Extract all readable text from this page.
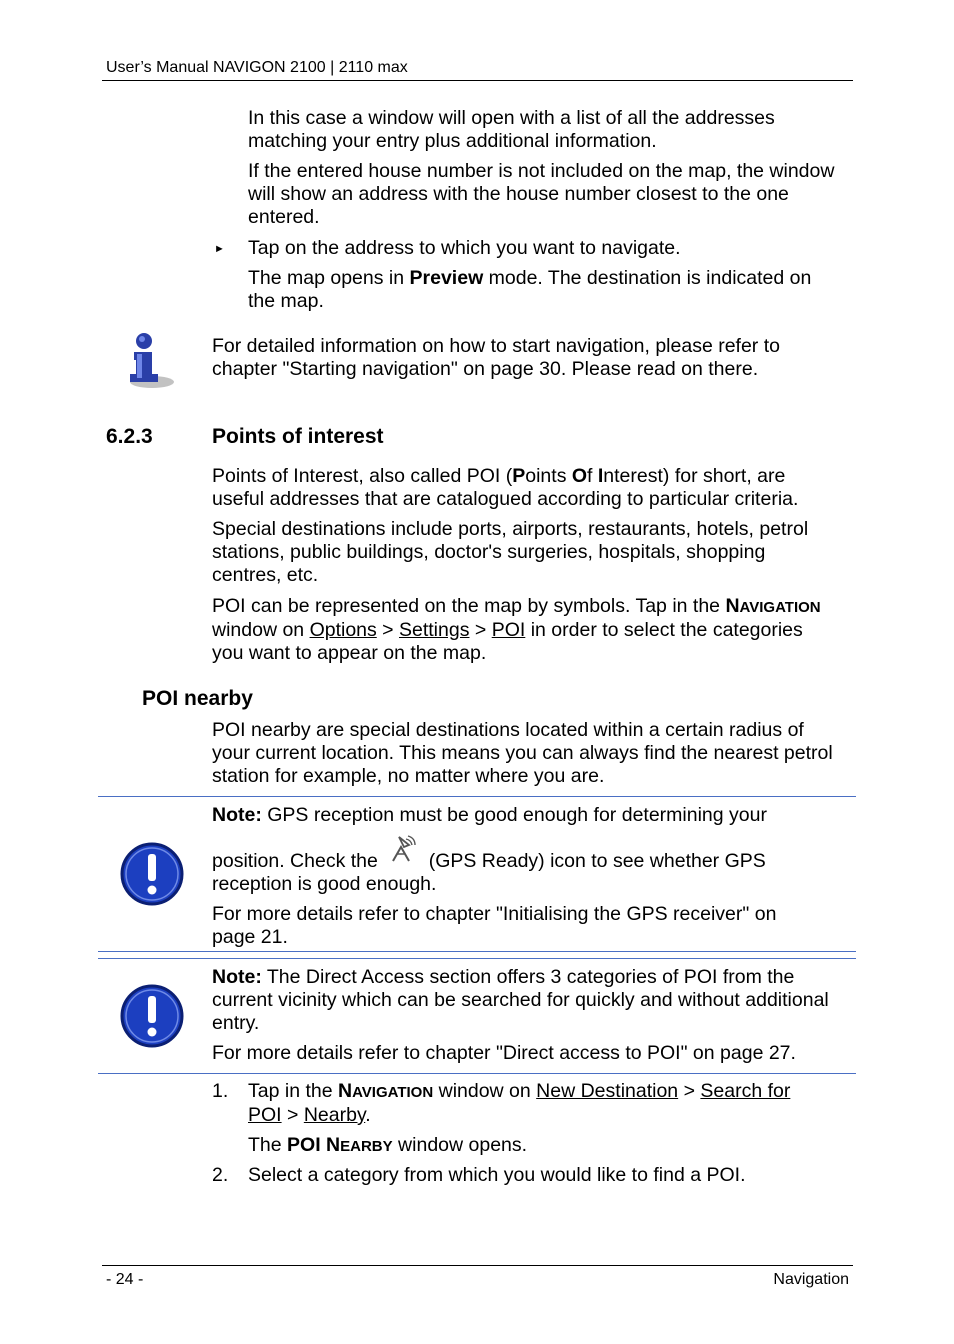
User’s Manual NAVIGON 2100 | 2110 max
In this case a window will open with a list of all the addresses
matching your entry plus additional information.
If the entered house number is not included on the map, the window
will show an address with the house number closest to the one
entered.
► Tap on the address to which you want to navigate.
The map opens in Preview mode. The destination is indicated on
the map.
For detailed information on how to start navigation, please refer to
chapter "Starting navigation" on page 30. Please read on there.
6.2.3	Points of interest
Points of Interest, also called POI (Points Of Interest) for short, are
useful addresses that are catalogued according to particular criteria.
Special destinations include ports, airports, restaurants, hotels, petrol
stations, public buildings, doctor's surgeries, hospitals, shopping
centres, etc.
POI can be represented on the map by symbols. Tap in the NAVIGATION
window on Options > Settings > POI in order to select the categories
you want to appear on the map.
POI nearby
POI nearby are special destinations located within a certain radius of
your current location. This means you can always find the nearest petrol
station for example, no matter where you are.
Note: GPS reception must be good enough for determining your
position. Check the	(GPS Ready) icon to see whether GPS
reception is good enough.
For more details refer to chapter "Initialising the GPS receiver" on
page 21.
Note: The Direct Access section offers 3 categories of POI from the
current vicinity which can be searched for quickly and without additional
entry.
For more details refer to chapter "Direct access to POI" on page 27.
1. Tap in the NAVIGATION window on New Destination > Search for
POI > Nearby.
The POI NEARBY window opens.
2. Select a category from which you would like to find a POI.
- 24 -	Navigation
